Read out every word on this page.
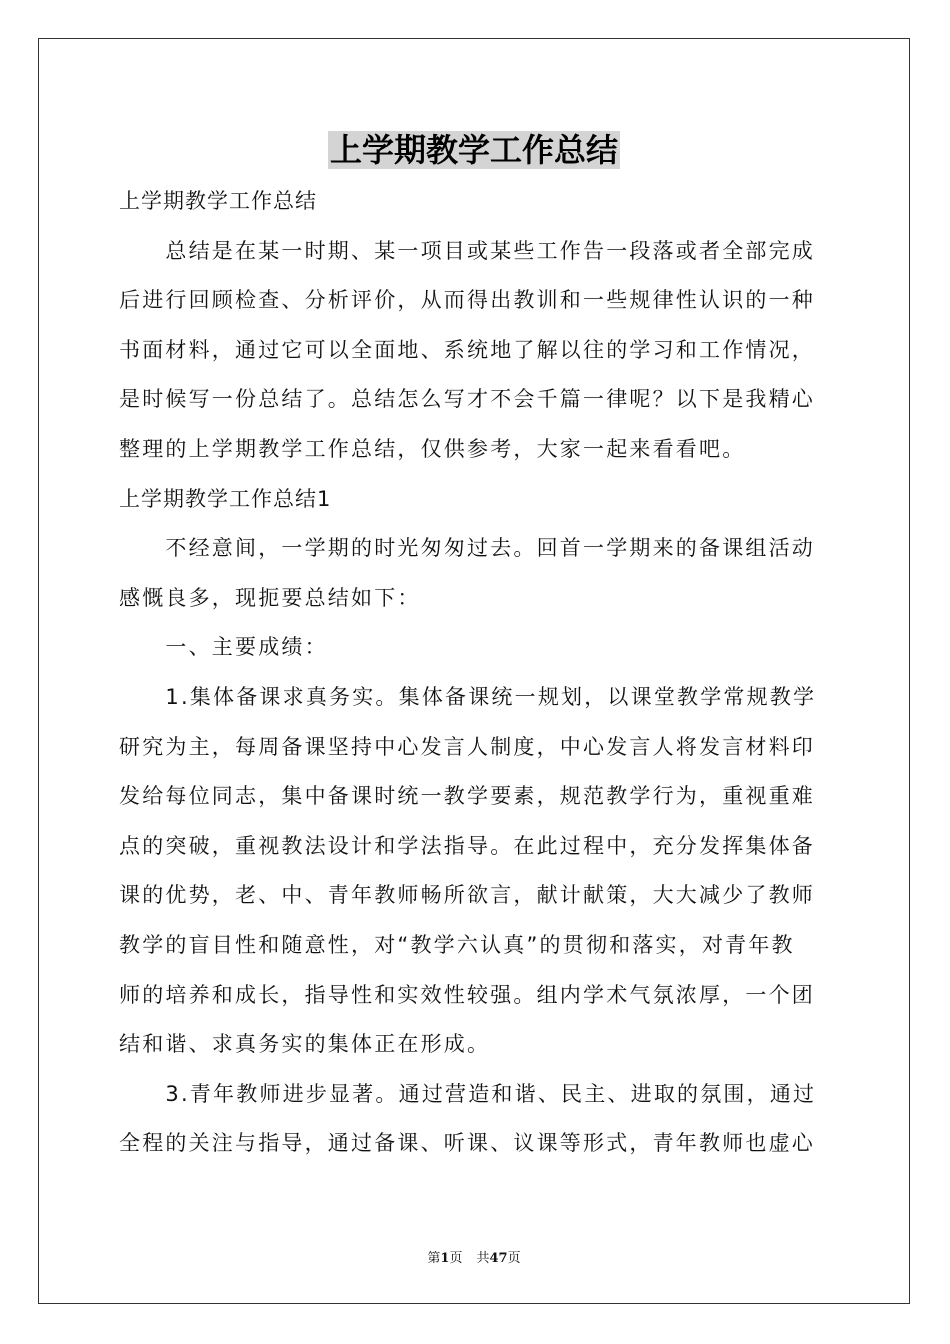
上学期教学工作总结
上学期教学工作总结
　　总结是在某一时期、某一项目或某些工作告一段落或者全部完成
后进行回顾检查、分析评价，从而得出教训和一些规律性认识的一种
书面材料，通过它可以全面地、系统地了解以往的学习和工作情况，
是时候写一份总结了。总结怎么写才不会千篇一律呢？以下是我精心
整理的上学期教学工作总结，仅供参考，大家一起来看看吧。
上学期教学工作总结1
　　不经意间，一学期的时光匆匆过去。回首一学期来的备课组活动
感慨良多，现扼要总结如下：
　　一、主要成绩：
　　1.集体备课求真务实。集体备课统一规划，以课堂教学常规教学
研究为主，每周备课坚持中心发言人制度，中心发言人将发言材料印
发给每位同志，集中备课时统一教学要素，规范教学行为，重视重难
点的突破，重视教法设计和学法指导。在此过程中，充分发挥集体备
课的优势，老、中、青年教师畅所欲言，献计献策，大大减少了教师
教学的盲目性和随意性，对“教学六认真”的贯彻和落实，对青年教
师的培养和成长，指导性和实效性较强。组内学术气氛浓厚，一个团
结和谐、求真务实的集体正在形成。
　　3.青年教师进步显著。通过营造和谐、民主、进取的氛围，通过
全程的关注与指导，通过备课、听课、议课等形式，青年教师也虚心
第1页 共47页
